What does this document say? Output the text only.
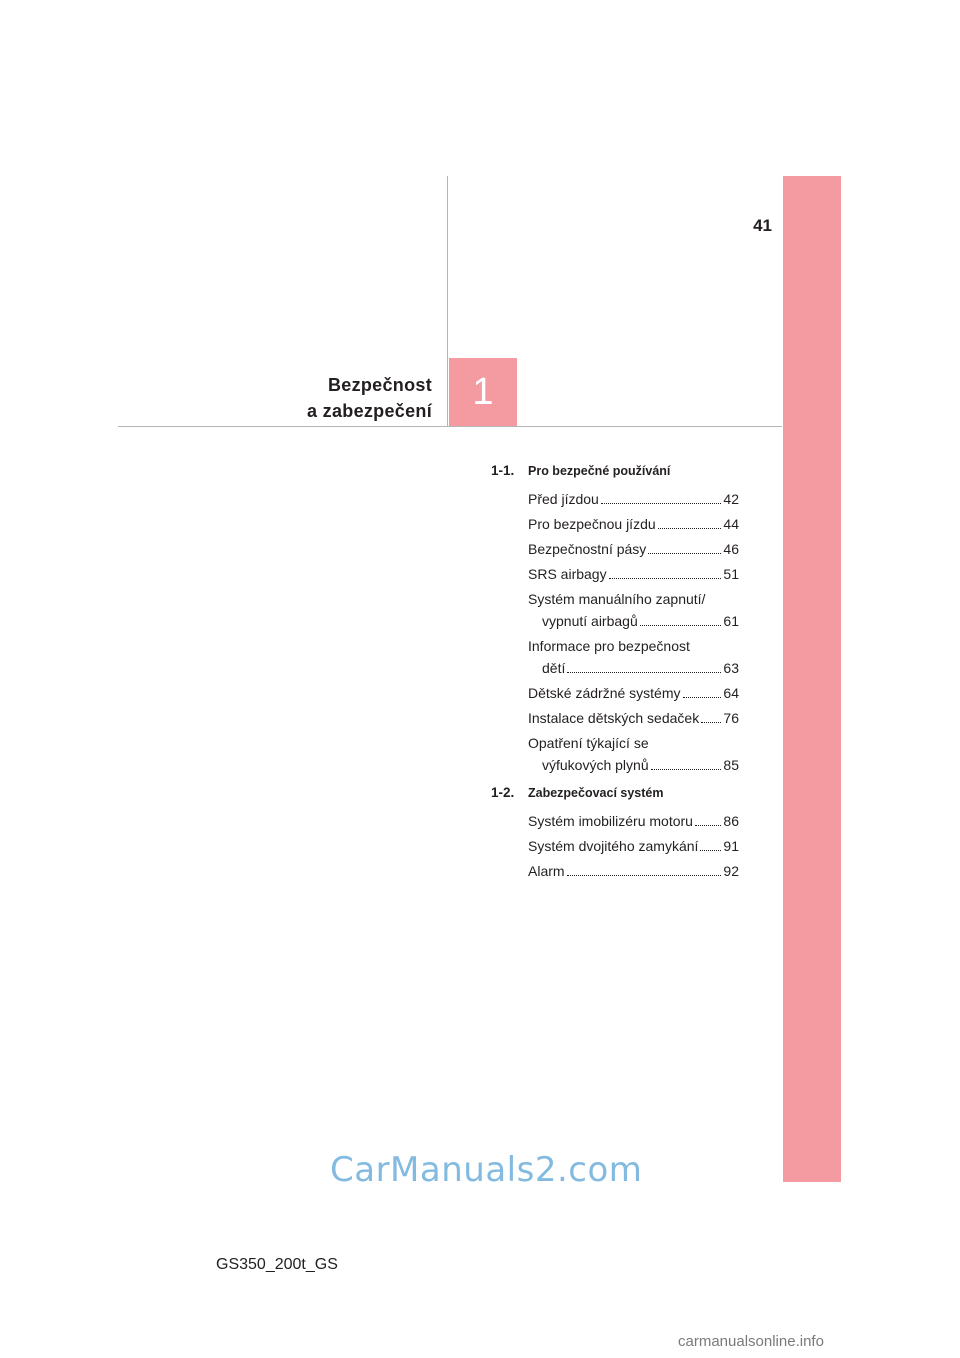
41
Bezpečnost
a zabezpečení	1
1-1.	Pro bezpečné používání
Před jízdou	42
Pro bezpečnou jízdu	44
Bezpečnostní pásy	46
SRS airbagy	51
Systém manuálního zapnutí/
vypnutí airbagů	61
Informace pro bezpečnost
dětí	63
Dětské zádržné systémy	64
Instalace dětských sedaček 76
Opatření týkající se
výfukových plynů	85
1-2.	Zabezpečovací systém
Systém imobilizéru motoru 86
Systém dvojitého zamykání 91
Alarm	92
CarManuals2.com
GS350_200t_GS
carmanualsonline.info
